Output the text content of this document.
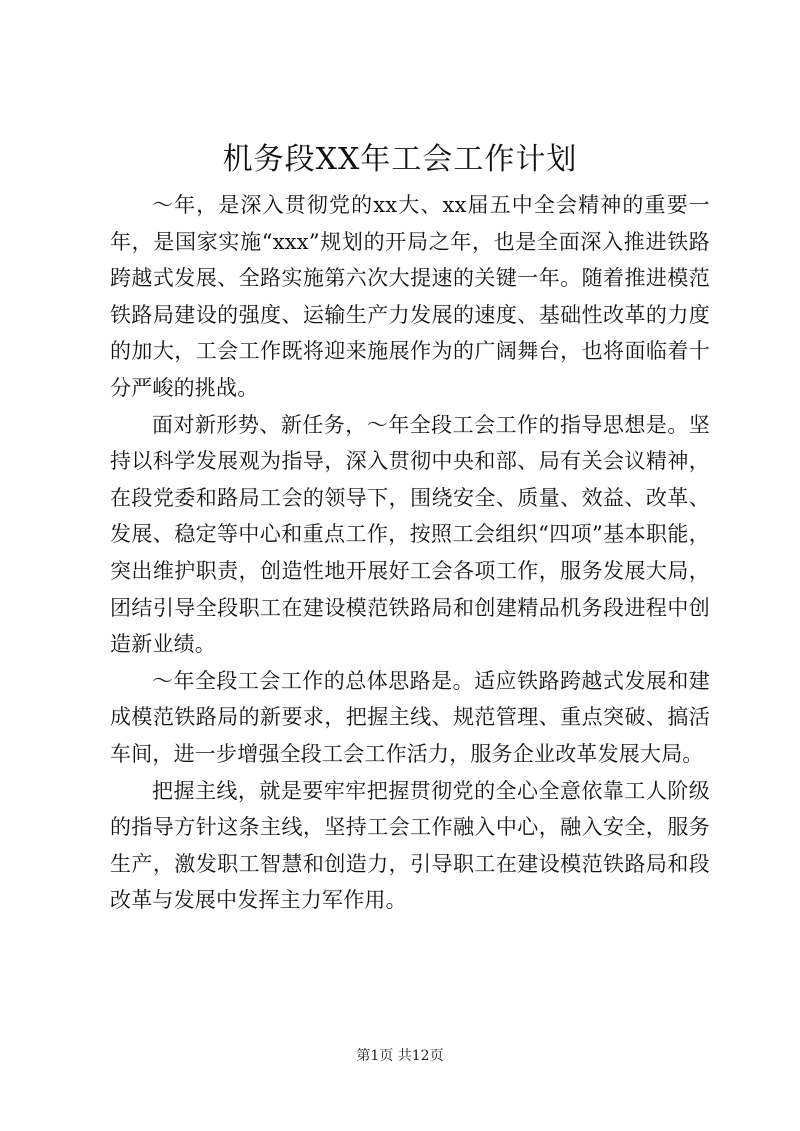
机务段XX年工会工作计划

～年，是深入贯彻党的xx大、xx届五中全会精神的重要一年，是国家实施“xxx”规划的开局之年，也是全面深入推进铁路跨越式发展、全路实施第六次大提速的关键一年。随着推进模范铁路局建设的强度、运输生产力发展的速度、基础性改革的力度的加大，工会工作既将迎来施展作为的广阔舞台，也将面临着十分严峻的挑战。

面对新形势、新任务，～年全段工会工作的指导思想是。坚持以科学发展观为指导，深入贯彻中央和部、局有关会议精神，在段党委和路局工会的领导下，围绕安全、质量、效益、改革、发展、稳定等中心和重点工作，按照工会组织“四项”基本职能，突出维护职责，创造性地开展好工会各项工作，服务发展大局，团结引导全段职工在建设模范铁路局和创建精品机务段进程中创造新业绩。

～年全段工会工作的总体思路是。适应铁路跨越式发展和建成模范铁路局的新要求，把握主线、规范管理、重点突破、搞活车间，进一步增强全段工会工作活力，服务企业改革发展大局。

把握主线，就是要牢牢把握贯彻党的全心全意依靠工人阶级的指导方针这条主线，坚持工会工作融入中心，融入安全，服务生产，激发职工智慧和创造力，引导职工在建设模范铁路局和段改革与发展中发挥主力军作用。

第1页 共12页
